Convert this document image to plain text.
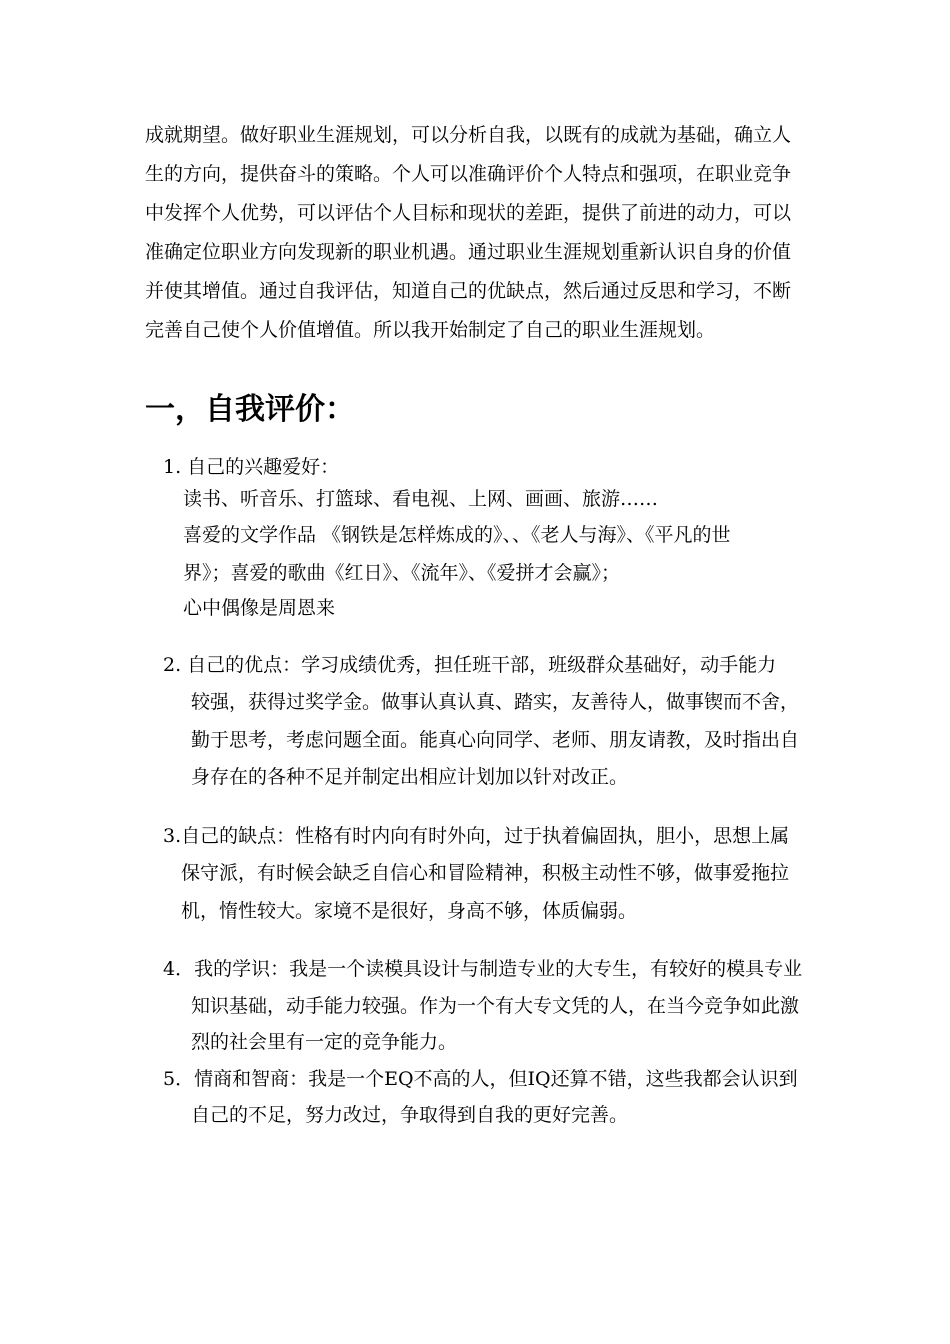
成就期望。做好职业生涯规划，可以分析自我，以既有的成就为基础，确立人

生的方向，提供奋斗的策略。个人可以准确评价个人特点和强项，在职业竞争

中发挥个人优势，可以评估个人目标和现状的差距，提供了前进的动力，可以

准确定位职业方向发现新的职业机遇。通过职业生涯规划重新认识自身的价值

并使其增值。通过自我评估，知道自己的优缺点，然后通过反思和学习，不断

完善自己使个人价值增值。所以我开始制定了自己的职业生涯规划。

一，自我评价：

1. 自己的兴趣爱好：

读书、听音乐、打篮球、看电视、上网、画画、旅游……

喜爱的文学作品 《钢铁是怎样炼成的》、、《老人与海》、《平凡的世

界》；喜爱的歌曲《红日》、《流年》、《爱拼才会赢》；

心中偶像是周恩来

2. 自己的优点：学习成绩优秀，担任班干部，班级群众基础好，动手能力

较强，获得过奖学金。做事认真认真、踏实，友善待人，做事锲而不舍，

勤于思考，考虑问题全面。能真心向同学、老师、朋友请教，及时指出自

身存在的各种不足并制定出相应计划加以针对改正。

3.自己的缺点：性格有时内向有时外向，过于执着偏固执，胆小，思想上属

保守派，有时候会缺乏自信心和冒险精神，积极主动性不够，做事爱拖拉

机，惰性较大。家境不是很好，身高不够，体质偏弱。

4．我的学识：我是一个读模具设计与制造专业的大专生，有较好的模具专业

知识基础，动手能力较强。作为一个有大专文凭的人，在当今竞争如此激

烈的社会里有一定的竞争能力。

5．情商和智商：我是一个EQ不高的人，但IQ还算不错，这些我都会认识到

自己的不足，努力改过，争取得到自我的更好完善。
